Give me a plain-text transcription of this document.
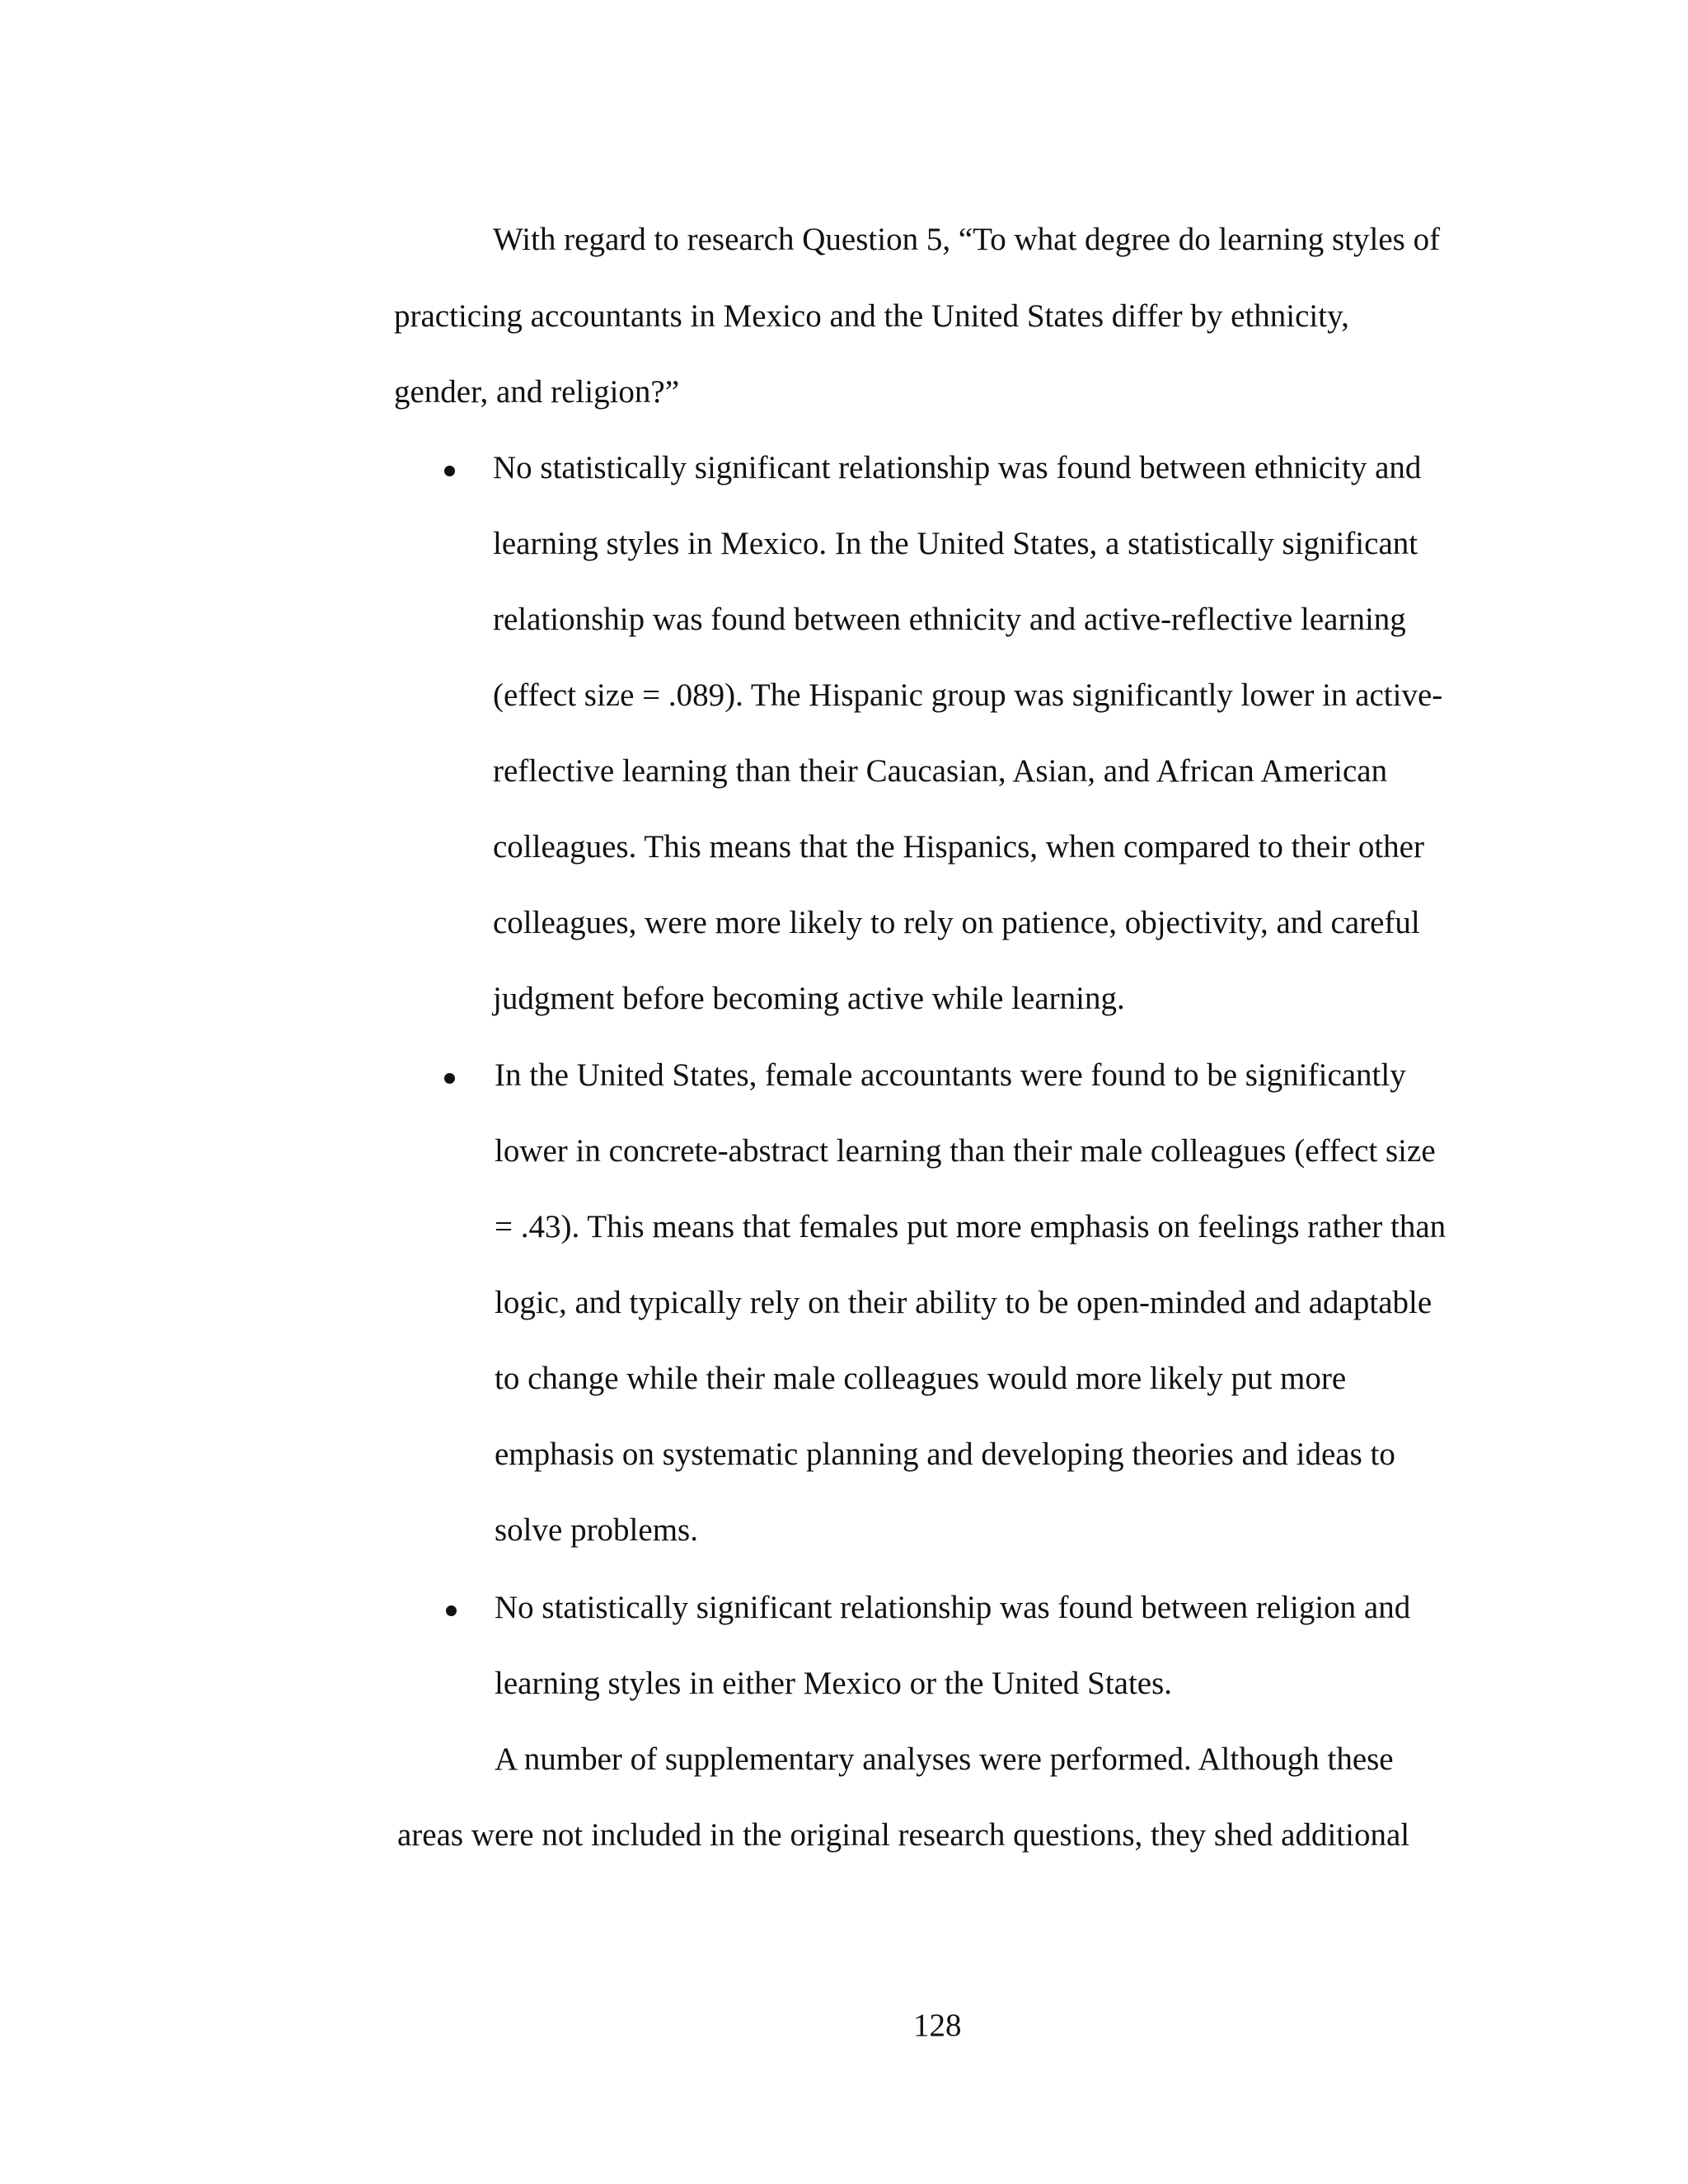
With regard to research Question 5, “To what degree do learning styles of
practicing accountants in Mexico and the United States differ by ethnicity,
gender, and religion?”
No statistically significant relationship was found between ethnicity and
learning styles in Mexico. In the United States, a statistically significant
relationship was found between ethnicity and active-reflective learning
(effect size = .089). The Hispanic group was significantly lower in active-
reflective learning than their Caucasian, Asian, and African American
colleagues. This means that the Hispanics, when compared to their other
colleagues, were more likely to rely on patience, objectivity, and careful
judgment before becoming active while learning.
In the United States, female accountants were found to be significantly
lower in concrete-abstract learning than their male colleagues (effect size
= .43). This means that females put more emphasis on feelings rather than
logic, and typically rely on their ability to be open-minded and adaptable
to change while their male colleagues would more likely put more
emphasis on systematic planning and developing theories and ideas to
solve problems.
No statistically significant relationship was found between religion and
learning styles in either Mexico or the United States.
A number of supplementary analyses were performed. Although these
areas were not included in the original research questions, they shed additional
128
